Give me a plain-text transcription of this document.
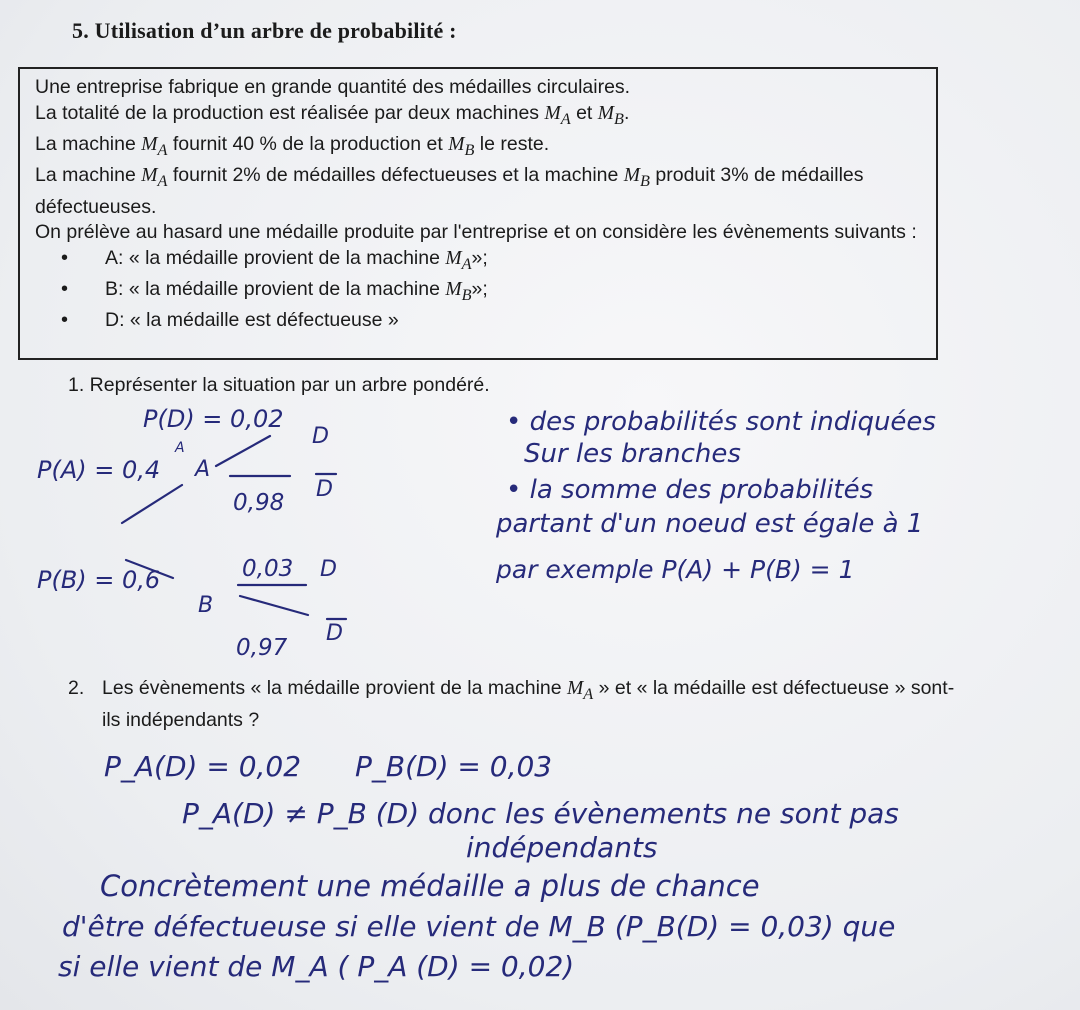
5. Utilisation d’un arbre de probabilité :

Une entreprise fabrique en grande quantité des médailles circulaires.

La totalité de la production est réalisée par deux machines $M_A$ et $M_B$.

La machine $M_A$ fournit 40 % de la production et $M_B$ le reste.

La machine $M_A$ fournit 2% de médailles défectueuses et la machine $M_B$ produit 3% de médailles défectueuses.

On prélève au hasard une médaille produite par l'entreprise et on considère les évènements suivants :

• A: « la médaille provient de la machine $M_A$»;
• B: « la médaille provient de la machine $M_B$»;
• D: « la médaille est défectueuse »
1. Représenter la situation par un arbre pondéré.
P(D) = 0,02
A
P(A) = 0,4 A
D
0,98
D
P(B) = 0,6
B
0,03 D
0,97
D
• des probabilités sont indiquées
Sur les branches
• la somme des probabilités
partant d'un noeud est égale à 1
par exemple P(A) + P(B) = 1
2. Les évènements « la médaille provient de la machine $M_A$ » et « la médaille est défectueuse » sont-ils indépendants ?
P_A(D) = 0,02 P_B(D) = 0,03
P_A(D) ≠ P_B (D) donc les évènements ne sont pas
indépendants
Concrètement une médaille a plus de chance
d'être défectueuse si elle vient de M_B (P_B(D) = 0,03) que
si elle vient de M_A ( P_A (D) = 0,02)
